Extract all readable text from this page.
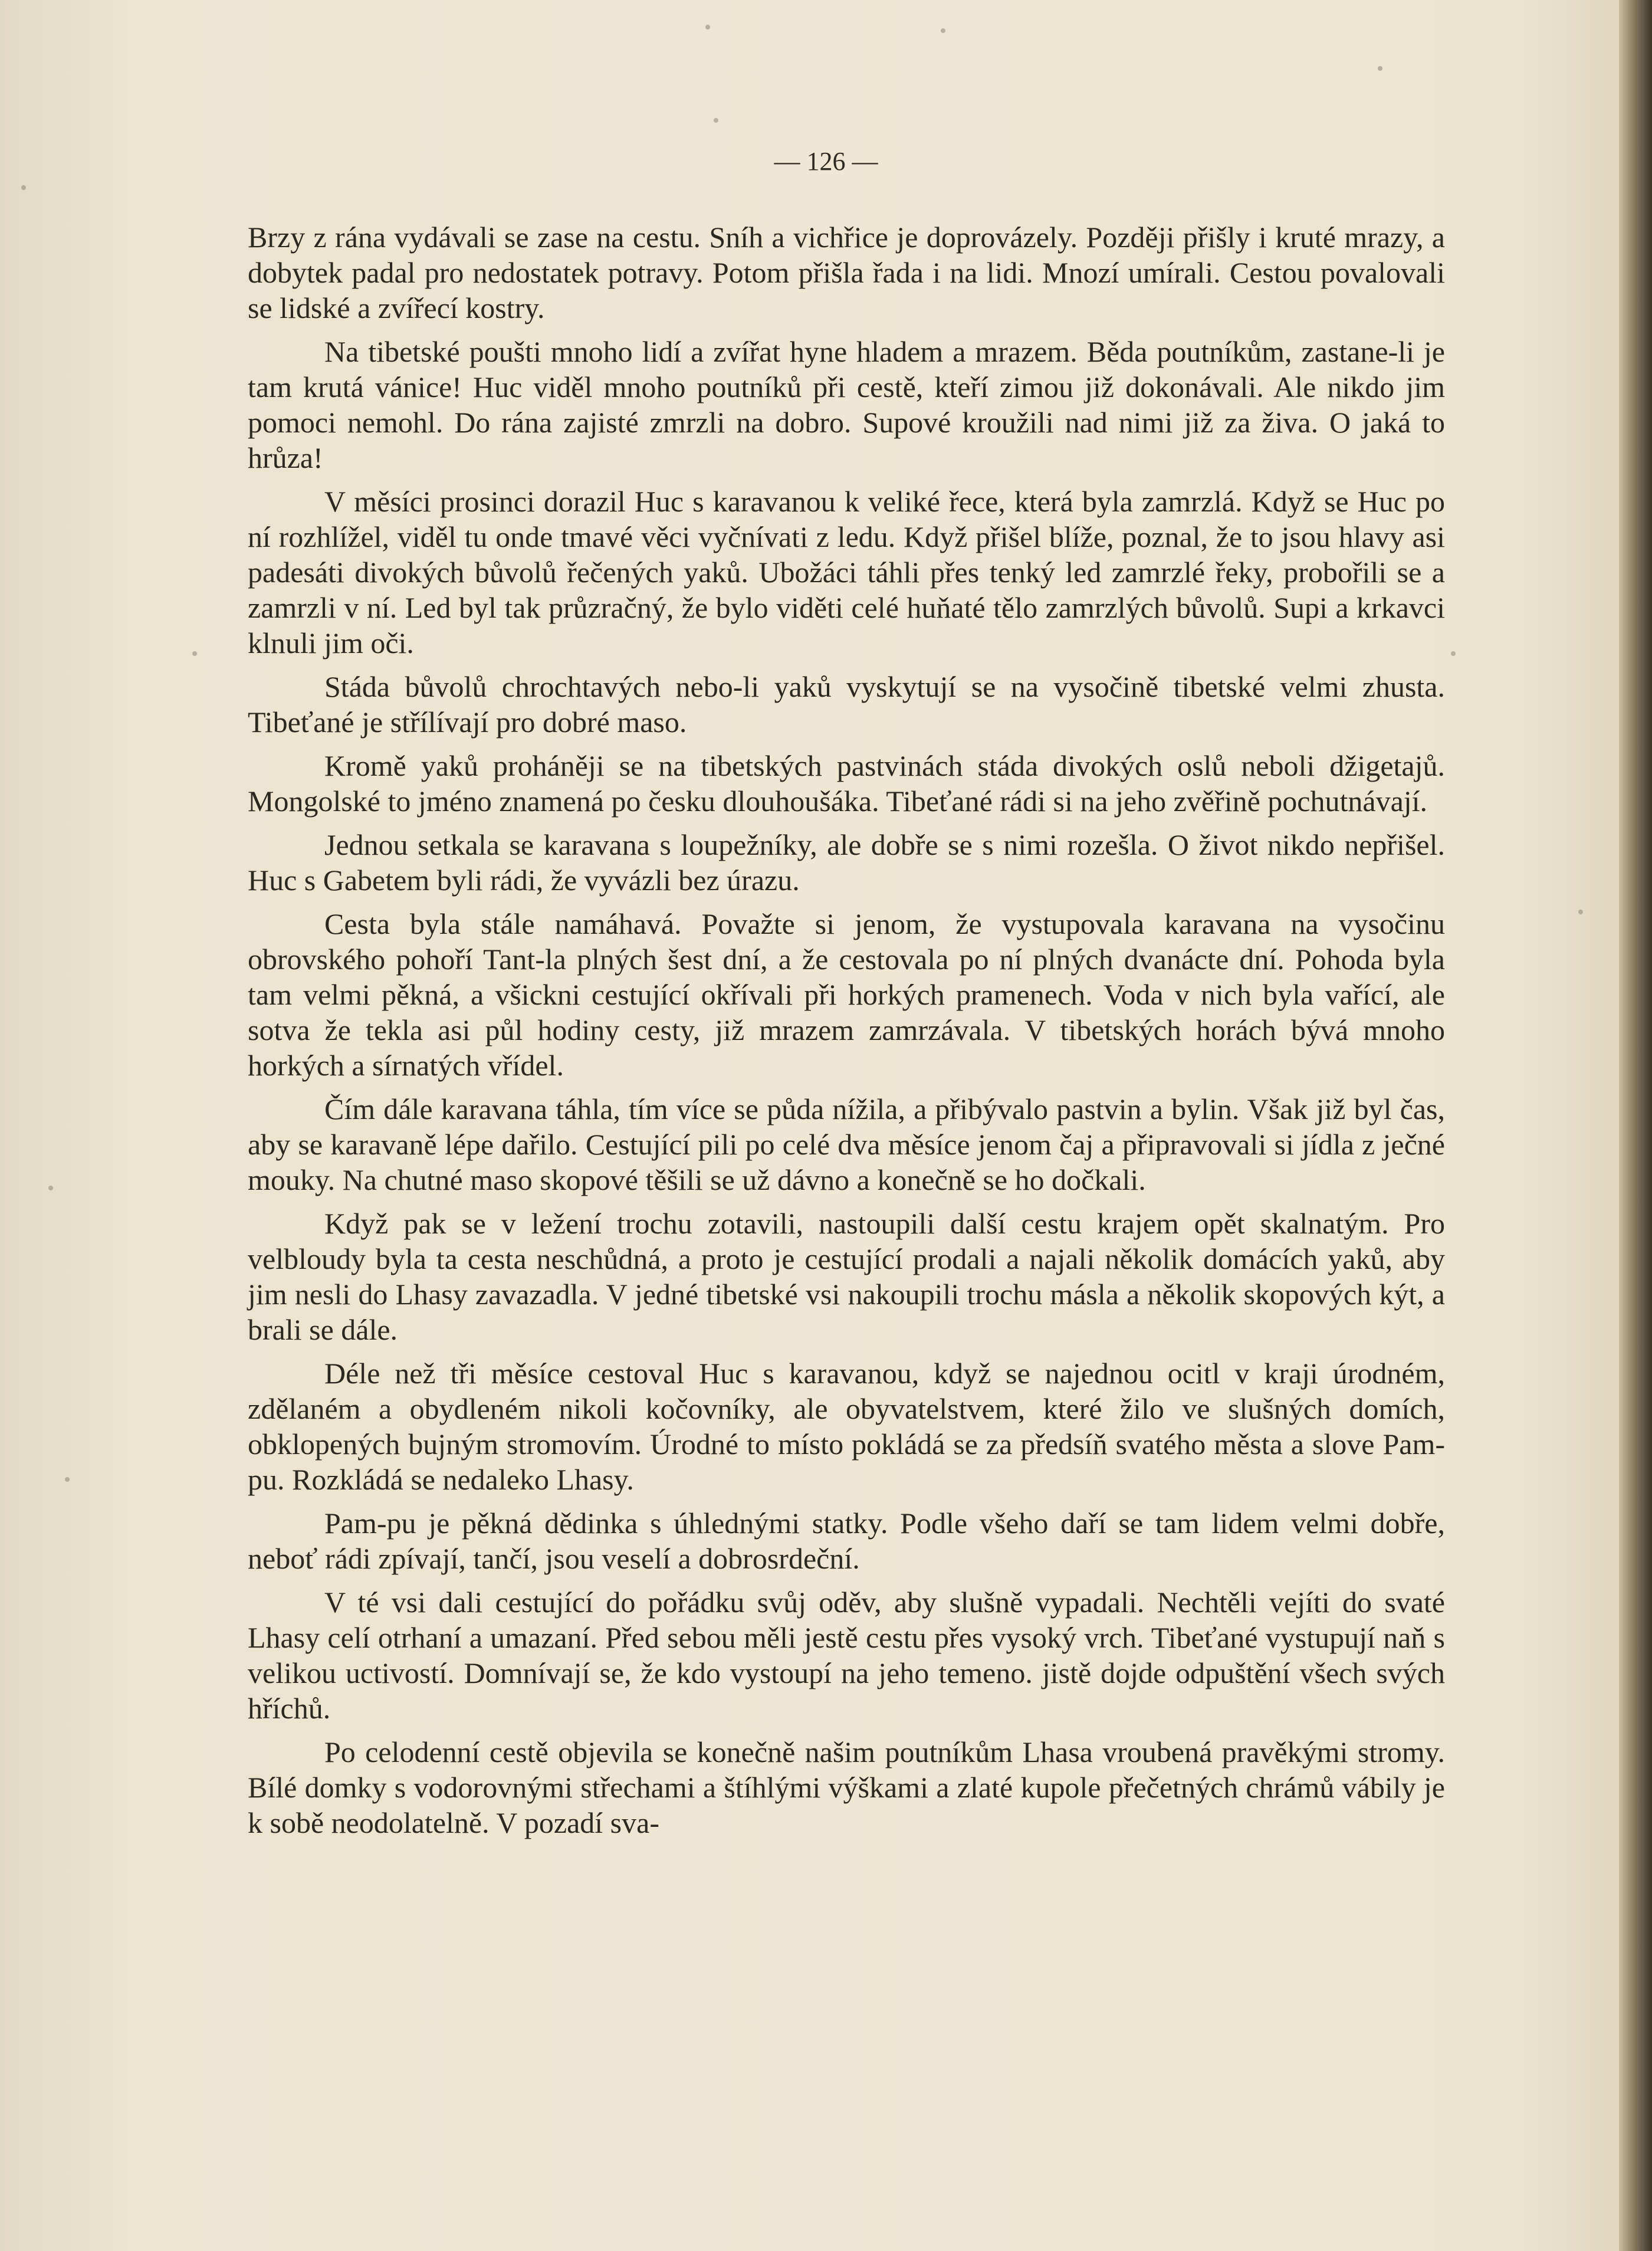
— 126 —

Brzy z rána vydávali se zase na cestu. Sníh a vichřice je doprovázely. Později přišly i kruté mrazy, a dobytek padal pro nedostatek potravy. Potom přišla řada i na lidi. Mnozí umírali. Cestou povalovali se lidské a zvířecí kostry.

Na tibetské poušti mnoho lidí a zvířat hyne hladem a mrazem. Běda poutníkům, zastane-li je tam krutá vánice! Huc viděl mnoho poutníků při cestě, kteří zimou již dokonávali. Ale nikdo jim pomoci nemohl. Do rána zajisté zmrzli na dobro. Supové kroužili nad nimi již za živa. O jaká to hrůza!

V měsíci prosinci dorazil Huc s karavanou k veliké řece, která byla zamrzlá. Když se Huc po ní rozhlížel, viděl tu onde tmavé věci vyčnívati z ledu. Když přišel blíže, poznal, že to jsou hlavy asi padesáti divokých bůvolů řečených yaků. Ubožáci táhli přes tenký led zamrzlé řeky, probořili se a zamrzli v ní. Led byl tak průzračný, že bylo viděti celé huňaté tělo zamrzlých bůvolů. Supi a krkavci klnuli jim oči.

Stáda bůvolů chrochtavých nebo-li yaků vyskytují se na vysočině tibetské velmi zhusta. Tibeťané je střílívají pro dobré maso.

Kromě yaků proháněji se na tibetských pastvinách stáda divokých oslů neboli džigetajů. Mongolské to jméno znamená po česku dlouhoušáka. Tibeťané rádi si na jeho zvěřině pochutnávají.

Jednou setkala se karavana s loupežníky, ale dobře se s nimi rozešla. O život nikdo nepřišel. Huc s Gabetem byli rádi, že vyvázli bez úrazu.

Cesta byla stále namáhavá. Považte si jenom, že vystupovala karavana na vysočinu obrovského pohoří Tant-la plných šest dní, a že cestovala po ní plných dvanácte dní. Pohoda byla tam velmi pěkná, a všickni cestující okřívali při horkých pramenech. Voda v nich byla vařící, ale sotva že tekla asi půl hodiny cesty, již mrazem zamrzávala. V tibetských horách bývá mnoho horkých a sírnatých vřídel.

Čím dále karavana táhla, tím více se půda nížila, a přibývalo pastvin a bylin. Však již byl čas, aby se karavaně lépe dařilo. Cestující pili po celé dva měsíce jenom čaj a připravovali si jídla z ječné mouky. Na chutné maso skopové těšili se už dávno a konečně se ho dočkali.

Když pak se v ležení trochu zotavili, nastoupili další cestu krajem opět skalnatým. Pro velbloudy byla ta cesta neschůdná, a proto je cestující prodali a najali několik domácích yaků, aby jim nesli do Lhasy zavazadla. V jedné tibetské vsi nakoupili trochu másla a několik skopových kýt, a brali se dále.

Déle než tři měsíce cestoval Huc s karavanou, když se najednou ocitl v kraji úrodném, zdělaném a obydleném nikoli kočovníky, ale obyvatelstvem, které žilo ve slušných domích, obklopených bujným stromovím. Úrodné to místo pokládá se za předsíň svatého města a slove Pam-pu. Rozkládá se nedaleko Lhasy.

Pam-pu je pěkná dědinka s úhlednými statky. Podle všeho daří se tam lidem velmi dobře, neboť rádi zpívají, tančí, jsou veselí a dobrosrdeční.

V té vsi dali cestující do pořádku svůj oděv, aby slušně vypadali. Nechtěli vejíti do svaté Lhasy celí otrhaní a umazaní. Před sebou měli jestě cestu přes vysoký vrch. Tibeťané vystupují naň s velikou uctivostí. Domnívají se, že kdo vystoupí na jeho temeno. jistě dojde odpuštění všech svých hříchů.

Po celodenní cestě objevila se konečně našim poutníkům Lhasa vroubená pravěkými stromy. Bílé domky s vodorovnými střechami a štíhlými výškami a zlaté kupole přečetných chrámů vábily je k sobě neodolatelně. V pozadí sva-
